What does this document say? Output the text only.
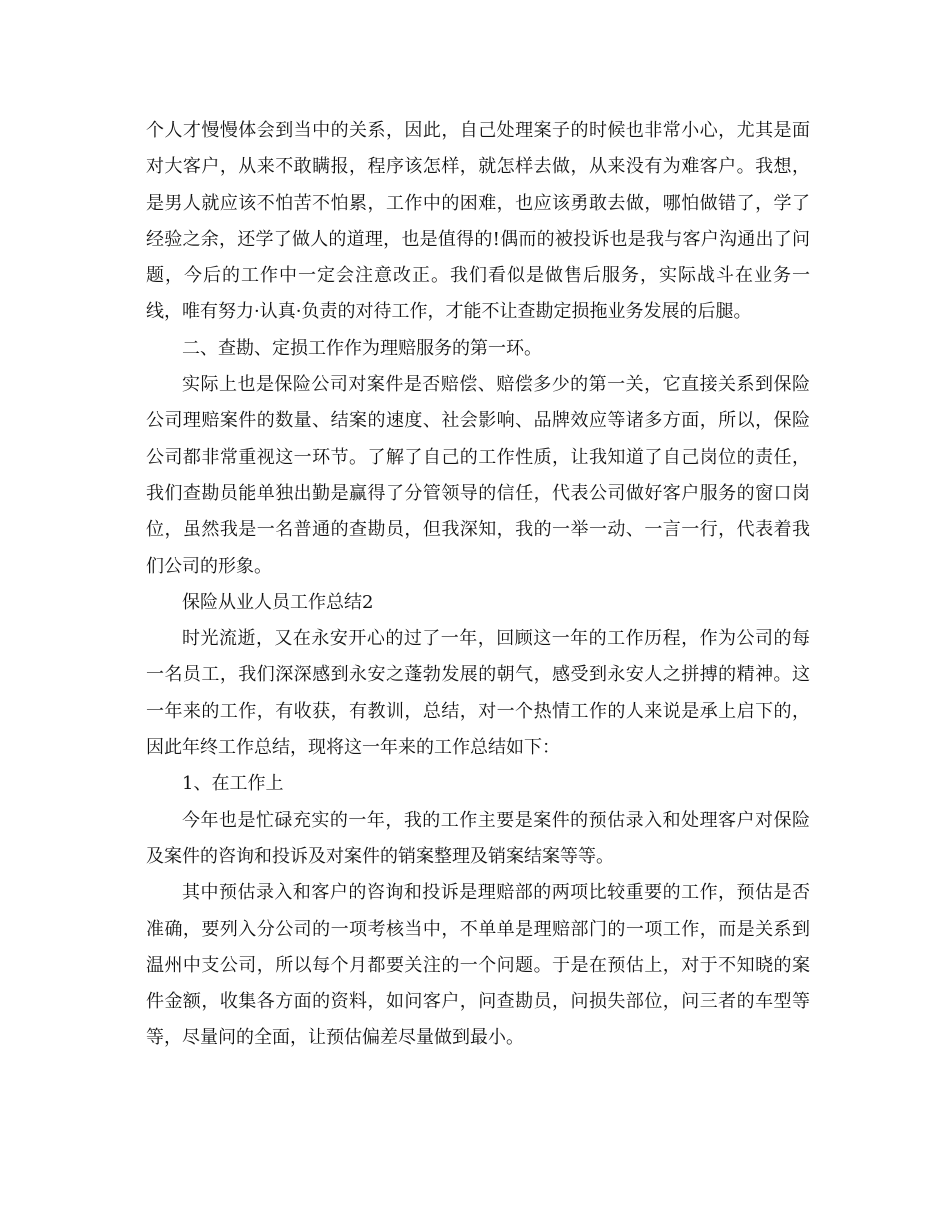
个人才慢慢体会到当中的关系，因此，自己处理案子的时候也非常小心，尤其是面对大客户，从来不敢瞒报，程序该怎样，就怎样去做，从来没有为难客户。我想，是男人就应该不怕苦不怕累，工作中的困难，也应该勇敢去做，哪怕做错了，学了经验之余，还学了做人的道理，也是值得的!偶而的被投诉也是我与客户沟通出了问题，今后的工作中一定会注意改正。我们看似是做售后服务，实际战斗在业务一线，唯有努力·认真·负责的对待工作，才能不让查勘定损拖业务发展的后腿。

二、查勘、定损工作作为理赔服务的第一环。

实际上也是保险公司对案件是否赔偿、赔偿多少的第一关，它直接关系到保险公司理赔案件的数量、结案的速度、社会影响、品牌效应等诸多方面，所以，保险公司都非常重视这一环节。了解了自己的工作性质，让我知道了自己岗位的责任，我们查勘员能单独出勤是赢得了分管领导的信任，代表公司做好客户服务的窗口岗位，虽然我是一名普通的查勘员，但我深知，我的一举一动、一言一行，代表着我们公司的形象。

保险从业人员工作总结2

时光流逝，又在永安开心的过了一年，回顾这一年的工作历程，作为公司的每一名员工，我们深深感到永安之蓬勃发展的朝气，感受到永安人之拼搏的精神。这一年来的工作，有收获，有教训，总结，对一个热情工作的人来说是承上启下的，因此年终工作总结，现将这一年来的工作总结如下：

1、在工作上

今年也是忙碌充实的一年，我的工作主要是案件的预估录入和处理客户对保险及案件的咨询和投诉及对案件的销案整理及销案结案等等。

其中预估录入和客户的咨询和投诉是理赔部的两项比较重要的工作，预估是否准确，要列入分公司的一项考核当中，不单单是理赔部门的一项工作，而是关系到温州中支公司，所以每个月都要关注的一个问题。于是在预估上，对于不知晓的案件金额，收集各方面的资料，如问客户，问查勘员，问损失部位，问三者的车型等等，尽量问的全面，让预估偏差尽量做到最小。
